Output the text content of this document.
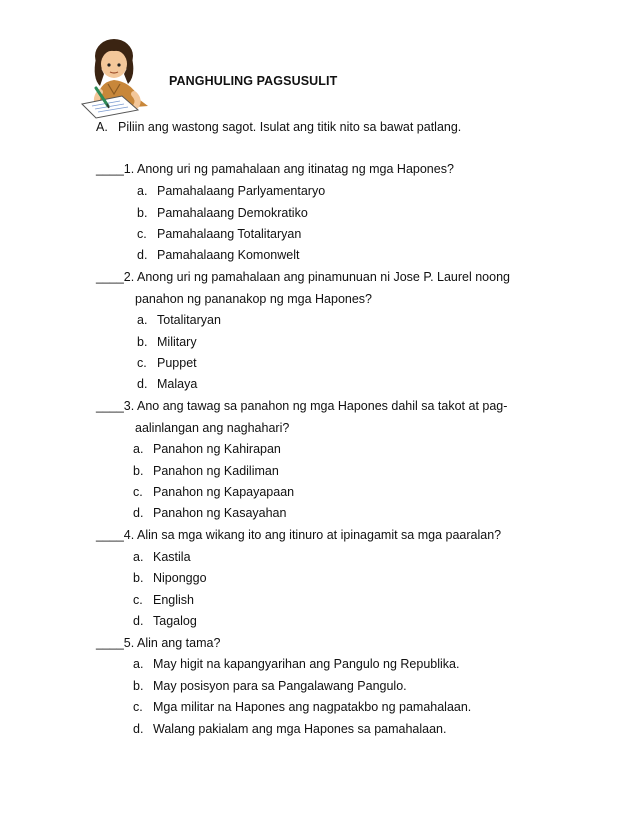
PANGHULING PAGSUSULIT
A. Piliin ang wastong sagot. Isulat ang titik nito sa bawat patlang.
____1. Anong uri ng pamahalaan ang itinatag ng mga Hapones?
a. Pamahalaang Parlyamentaryo
b. Pamahalaang Demokratiko
c. Pamahalaang Totalitaryan
d. Pamahalaang Komonwelt
____2. Anong uri ng pamahalaan ang pinamunuan ni Jose P. Laurel noong
panahon ng pananakop ng mga Hapones?
a. Totalitaryan
b. Military
c. Puppet
d. Malaya
____3. Ano ang tawag sa panahon ng mga Hapones dahil sa takot at pag-
aalinlangan ang naghahari?
a. Panahon ng Kahirapan
b. Panahon ng Kadiliman
c. Panahon ng Kapayapaan
d. Panahon ng Kasayahan
____4. Alin sa mga wikang ito ang itinuro at ipinagamit sa mga paaralan?
a. Kastila
b. Niponggo
c. English
d. Tagalog
____5. Alin ang tama?
a. May higit na kapangyarihan ang Pangulo ng Republika.
b. May posisyon para sa Pangalawang Pangulo.
c. Mga militar na Hapones ang nagpatakbo ng pamahalaan.
d. Walang pakialam ang mga Hapones sa pamahalaan.
